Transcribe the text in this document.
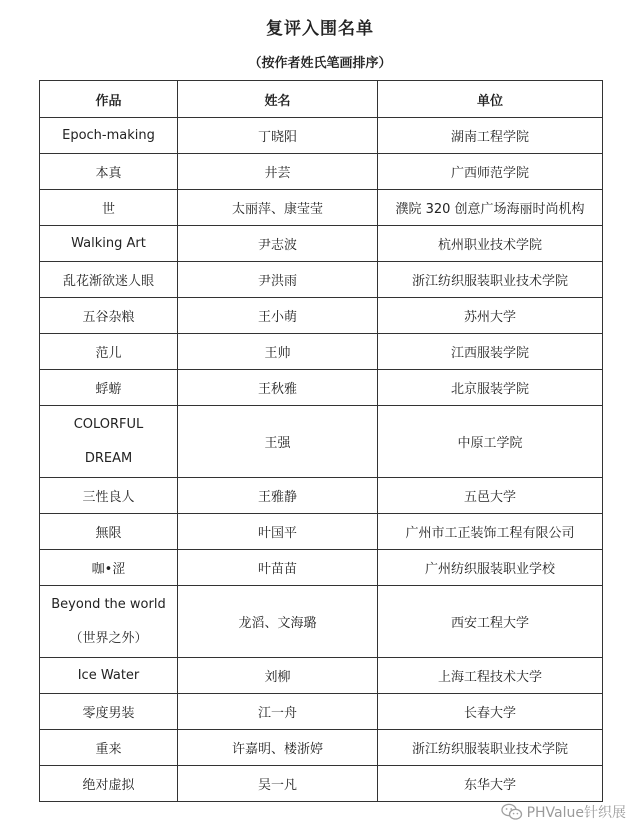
复评入围名单
（按作者姓氏笔画排序）
作品	姓名	单位
Epoch-making	丁晓阳	湖南工程学院
本真	井芸	广西师范学院
世	太丽萍、康莹莹	濮院 320 创意广场海丽时尚机构
Walking Art	尹志波	杭州职业技术学院
乱花渐欲迷人眼	尹洪雨	浙江纺织服装职业技术学院
五谷杂粮	王小萌	苏州大学
范儿	王帅	江西服装学院
蜉蝣	王秋雅	北京服装学院

COLORFUL
DREAM	王强	中原工学院
三性良人	王雅静	五邑大学
無限	叶国平	广州市工正装饰工程有限公司
咖•涩	叶苗苗	广州纺织服装职业学校

Beyond the world
（世界之外）	龙滔、文海璐	西安工程大学
Ice Water	刘柳	上海工程技术大学
零度男装	江一舟	长春大学
重来	许嘉明、楼浙婷	浙江纺织服装职业技术学院
绝对虚拟	吴一凡	东华大学
PHValue针织展
